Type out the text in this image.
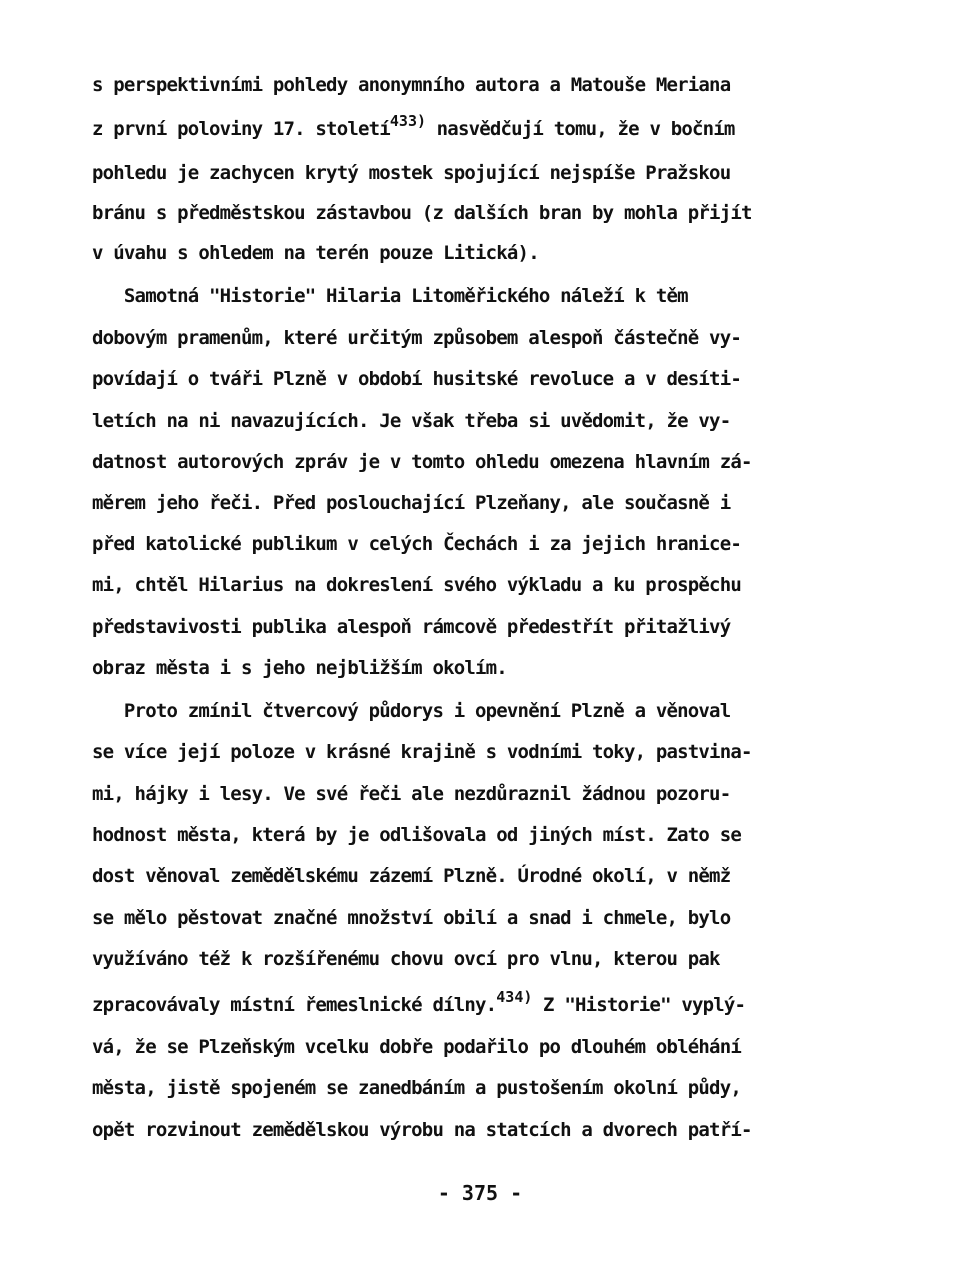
s perspektivními pohledy anonymního autora a Matouše Meriana
z první poloviny 17. století$^{433)}$ nasvědčují tomu, že v bočním
pohledu je zachycen krytý mostek spojující nejspíše Pražskou
bránu s předměstskou zástavbou (z dalších bran by mohla přijít
v úvahu s ohledem na terén pouze Litická).
Samotná "Historie" Hilaria Litoměřického náleží k těm
dobovým pramenům, které určitým způsobem alespoň částečně vy-
povídají o tváři Plzně v období husitské revoluce a v desíti-
letích na ni navazujících. Je však třeba si uvědomit, že vy-
datnost autorových zpráv je v tomto ohledu omezena hlavním zá-
měrem jeho řeči. Před poslouchající Plzeňany, ale současně i
před katolické publikum v celých Čechách i za jejich hranice-
mi, chtěl Hilarius na dokreslení svého výkladu a ku prospěchu
představivosti publika alespoň rámcově předestřít přitažlivý
obraz města i s jeho nejbližším okolím.
Proto zmínil čtvercový půdorys i opevnění Plzně a věnoval
se více její poloze v krásné krajině s vodními toky, pastvina-
mi, hájky i lesy. Ve své řeči ale nezdůraznil žádnou pozoru-
hodnost města, která by je odlišovala od jiných míst. Zato se
dost věnoval zemědělskému zázemí Plzně. Úrodné okolí, v němž
se mělo pěstovat značné množství obilí a snad i chmele, bylo
využíváno též k rozšířenému chovu ovcí pro vlnu, kterou pak
zpracovávaly místní řemeslnické dílny.$^{434)}$ Z "Historie" vyplý-
vá, že se Plzeňským vcelku dobře podařilo po dlouhém obléhání
města, jistě spojeném se zanedbáním a pustošením okolní půdy,
opět rozvinout zemědělskou výrobu na statcích a dvorech patří-
- 375 -
